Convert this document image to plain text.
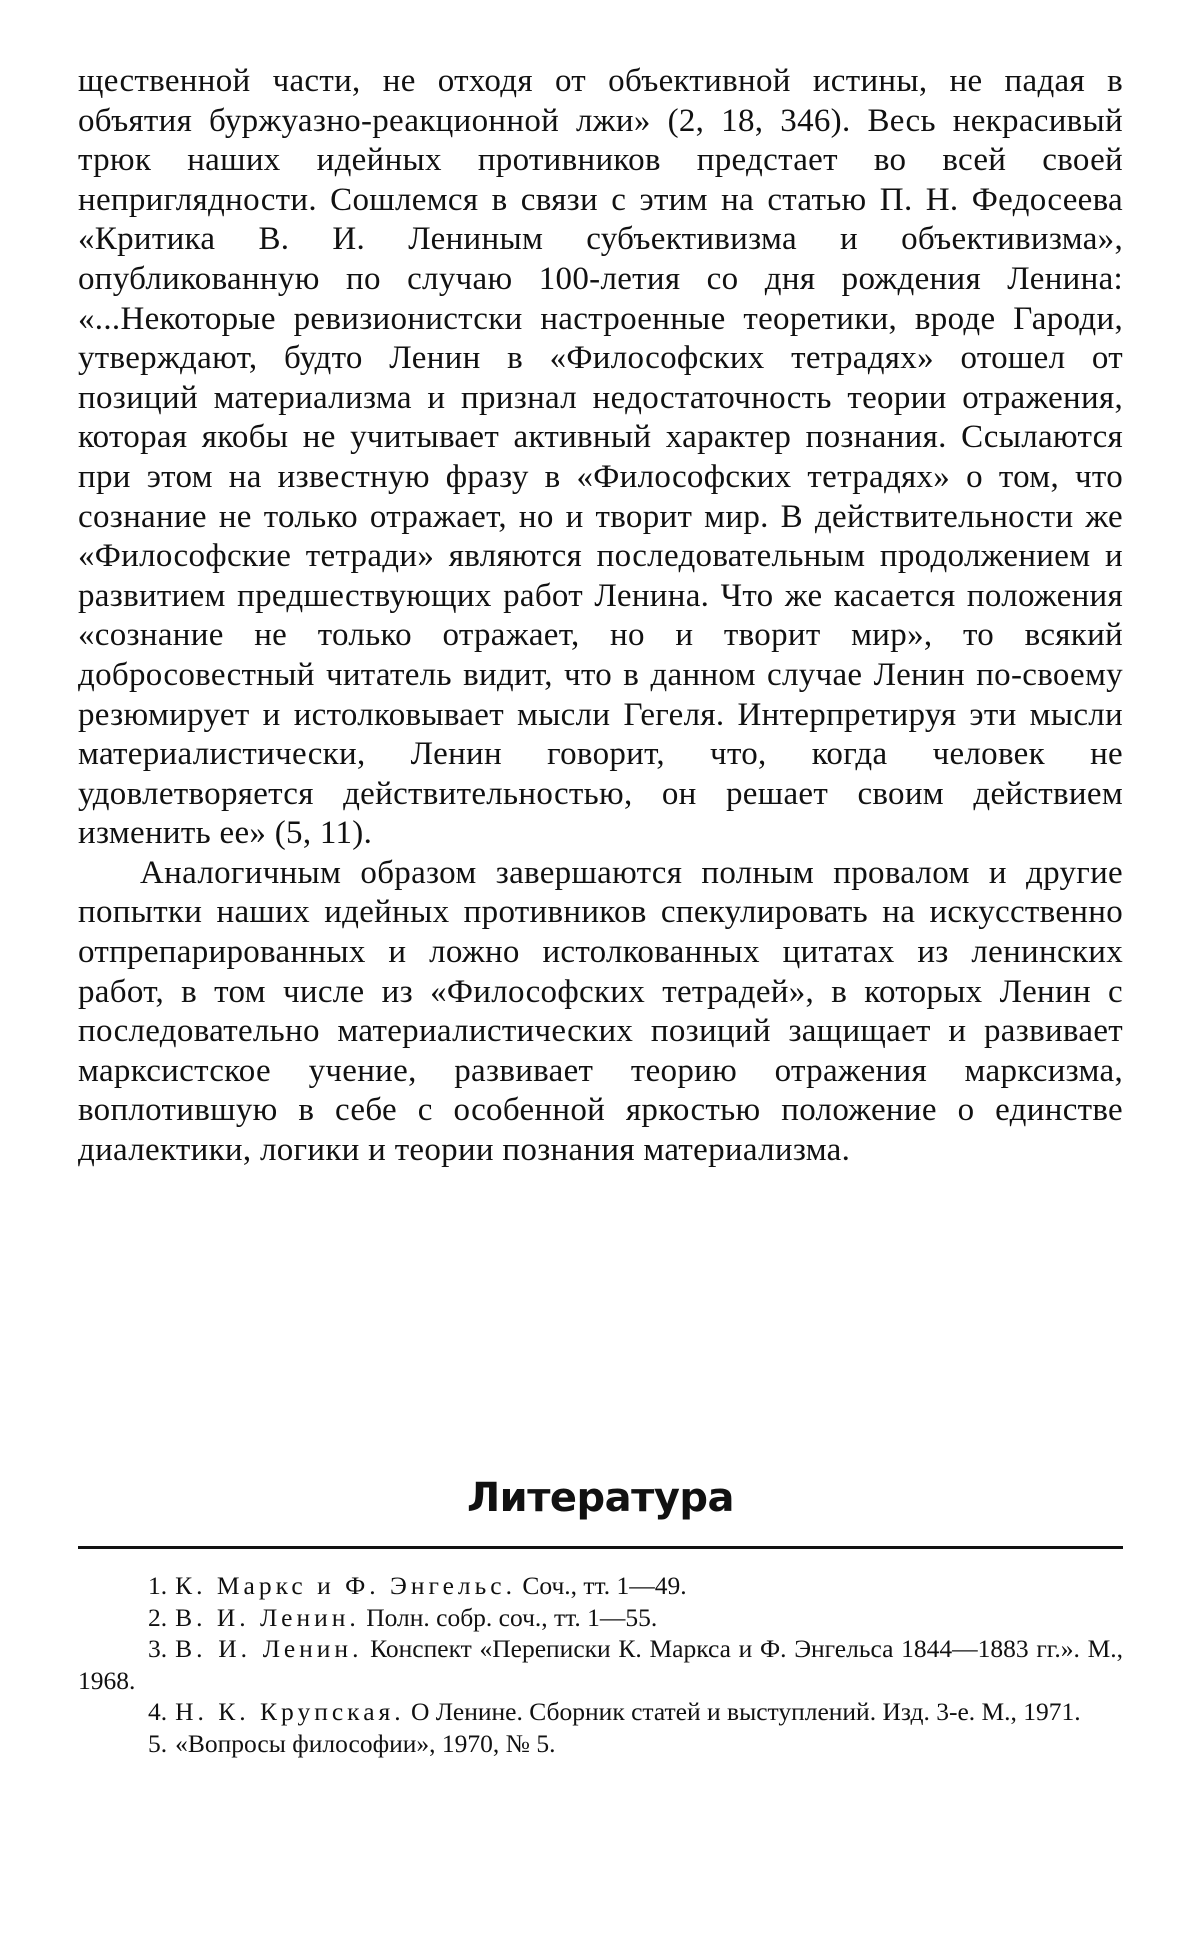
щественной части, не отходя от объективной истины, не падая в объятия буржуазно-реакционной лжи» (2, 18, 346). Весь некрасивый трюк наших идейных противников предстает во всей своей неприглядности. Сошлемся в связи с этим на статью П. Н. Федосеева «Критика В. И. Лениным субъективизма и объективизма», опубликованную по случаю 100-летия со дня рождения Ленина: «...Некоторые ревизионистски настроенные теоретики, вроде Гароди, утверждают, будто Ленин в «Философских тетрадях» отошел от позиций материализма и признал недостаточность теории отражения, которая якобы не учитывает активный характер познания. Ссылаются при этом на известную фразу в «Философских тетрадях» о том, что сознание не только отражает, но и творит мир. В действительности же «Философские тетради» являются последовательным продолжением и развитием предшествующих работ Ленина. Что же касается положения «сознание не только отражает, но и творит мир», то всякий добросовестный читатель видит, что в данном случае Ленин по-своему резюмирует и истолковывает мысли Гегеля. Интерпретируя эти мысли материалистически, Ленин говорит, что, когда человек не удовлетворяется действительностью, он решает своим действием изменить ее» (5, 11).

Аналогичным образом завершаются полным провалом и другие попытки наших идейных противников спекулировать на искусственно отпрепарированных и ложно истолкованных цитатах из ленинских работ, в том числе из «Философских тетрадей», в которых Ленин с последовательно материалистических позиций защищает и развивает марксистское учение, развивает теорию отражения марксизма, воплотившую в себе с особенной яркостью положение о единстве диалектики, логики и теории познания материализма.

Литература
1. К. Маркс и Ф. Энгельс. Соч., тт. 1—49.
2. В. И. Ленин. Полн. собр. соч., тт. 1—55.
3. В. И. Ленин. Конспект «Переписки К. Маркса и Ф. Энгельса 1844—1883 гг.». М., 1968.
4. Н. К. Крупская. О Ленине. Сборник статей и выступлений. Изд. 3-е. М., 1971.
5. «Вопросы философии», 1970, № 5.
